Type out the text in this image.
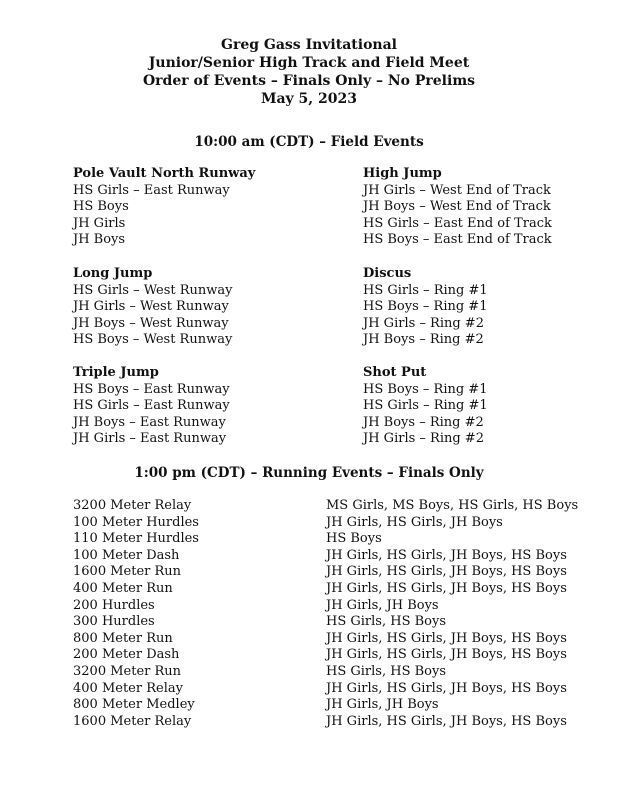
Greg Gass Invitational
Junior/Senior High Track and Field Meet
Order of Events – Finals Only – No Prelims
May 5, 2023
10:00 am (CDT) – Field Events
Pole Vault North Runway
HS Girls – East Runway
HS Boys
JH Girls
JH Boys
Long Jump
HS Girls – West Runway
JH Girls – West Runway
JH Boys – West Runway
HS Boys – West Runway
Triple Jump
HS Boys – East Runway
HS Girls – East Runway
JH Boys – East Runway
JH Girls – East Runway
High Jump
JH Girls – West End of Track
JH Boys – West End of Track
HS Girls – East End of Track
HS Boys – East End of Track
Discus
HS Girls – Ring #1
HS Boys – Ring #1
JH Girls – Ring #2
JH Boys – Ring #2
Shot Put
HS Boys – Ring #1
HS Girls – Ring #1
JH Boys – Ring #2
JH Girls – Ring #2
1:00 pm (CDT) – Running Events – Finals Only
3200 Meter Relay	MS Girls, MS Boys, HS Girls, HS Boys
100 Meter Hurdles	JH Girls, HS Girls, JH Boys
110 Meter Hurdles	HS Boys
100 Meter Dash	JH Girls, HS Girls, JH Boys, HS Boys
1600 Meter Run	JH Girls, HS Girls, JH Boys, HS Boys
400 Meter Run	JH Girls, HS Girls, JH Boys, HS Boys
200 Hurdles	JH Girls, JH Boys
300 Hurdles	HS Girls, HS Boys
800 Meter Run	JH Girls, HS Girls, JH Boys, HS Boys
200 Meter Dash	JH Girls, HS Girls, JH Boys, HS Boys
3200 Meter Run	HS Girls, HS Boys
400 Meter Relay	JH Girls, HS Girls, JH Boys, HS Boys
800 Meter Medley	JH Girls, JH Boys
1600 Meter Relay	JH Girls, HS Girls, JH Boys, HS Boys
